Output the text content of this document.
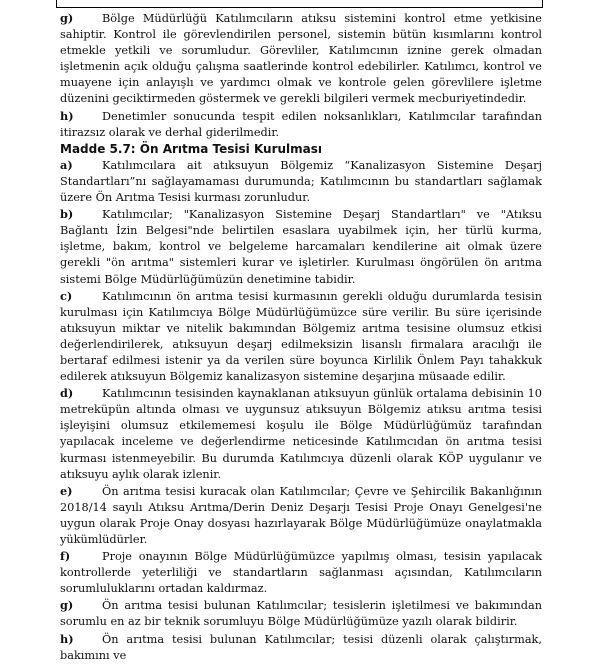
g)	Bölge Müdürlüğü Katılımcıların atıksu sistemini kontrol etme yetkisine sahiptir. Kontrol ile görevlendirilen personel, sistemin bütün kısımlarını kontrol etmekle yetkili ve sorumludur. Görevliler, Katılımcının iznine gerek olmadan işletmenin açık olduğu çalışma saatlerinde kontrol edebilirler. Katılımcı, kontrol ve muayene için anlayışlı ve yardımcı olmak ve kontrole gelen görevlilere işletme düzenini geciktirmeden göstermek ve gerekli bilgileri vermek mecburiyetindedir.

h)	Denetimler sonucunda tespit edilen noksanlıkları, Katılımcılar tarafından itirazsız olarak ve derhal giderilmedir.

Madde 5.7: Ön Arıtma Tesisi Kurulması

a)	Katılımcılara ait atıksuyun Bölgemiz “Kanalizasyon Sistemine Deşarj Standartları”nı sağlayamaması durumunda; Katılımcının bu standartları sağlamak üzere Ön Arıtma Tesisi kurması zorunludur.

b)	Katılımcılar; "Kanalizasyon Sistemine Deşarj Standartları" ve "Atıksu Bağlantı İzin Belgesi"nde belirtilen esaslara uyabilmek için, her türlü kurma, işletme, bakım, kontrol ve belgeleme harcamaları kendilerine ait olmak üzere gerekli "ön arıtma" sistemleri kurar ve işletirler. Kurulması öngörülen ön arıtma sistemi Bölge Müdürlüğümüzün denetimine tabidir.

c)	Katılımcının ön arıtma tesisi kurmasının gerekli olduğu durumlarda tesisin kurulması için Katılımcıya Bölge Müdürlüğümüzce süre verilir. Bu süre içerisinde atıksuyun miktar ve nitelik bakımından Bölgemiz arıtma tesisine olumsuz etkisi değerlendirilerek, atıksuyun deşarj edilmeksizin lisanslı firmalara aracılığı ile bertaraf edilmesi istenir ya da verilen süre boyunca Kirlilik Önlem Payı tahakkuk edilerek atıksuyun Bölgemiz kanalizasyon sistemine deşarjına müsaade edilir.

d)	Katılımcının tesisinden kaynaklanan atıksuyun günlük ortalama debisinin 10 metreküpün altında olması ve uygunsuz atıksuyun Bölgemiz atıksu arıtma tesisi işleyişini olumsuz etkilememesi koşulu ile Bölge Müdürlüğümüz tarafından yapılacak inceleme ve değerlendirme neticesinde Katılımcıdan ön arıtma tesisi kurması istenmeyebilir. Bu durumda Katılımcıya düzenli olarak KÖP uygulanır ve atıksuyu aylık olarak izlenir.

e)	Ön arıtma tesisi kuracak olan Katılımcılar; Çevre ve Şehircilik Bakanlığının 2018/14 sayılı Atıksu Arıtma/Derin Deniz Deşarjı Tesisi Proje Onayı Genelgesi'ne uygun olarak Proje Onay dosyası hazırlayarak Bölge Müdürlüğümüze onaylatmakla yükümlüdürler.

f)	Proje onayının Bölge Müdürlüğümüzce yapılmış olması, tesisin yapılacak kontrollerde yeterliliği ve standartların sağlanması açısından, Katılımcıların sorumluluklarını ortadan kaldırmaz.

g)	Ön arıtma tesisi bulunan Katılımcılar; tesislerin işletilmesi ve bakımından sorumlu en az bir teknik sorumluyu Bölge Müdürlüğümüze yazılı olarak bildirir.

h)	Ön arıtma tesisi bulunan Katılımcılar; tesisi düzenli olarak çalıştırmak, bakımını ve
